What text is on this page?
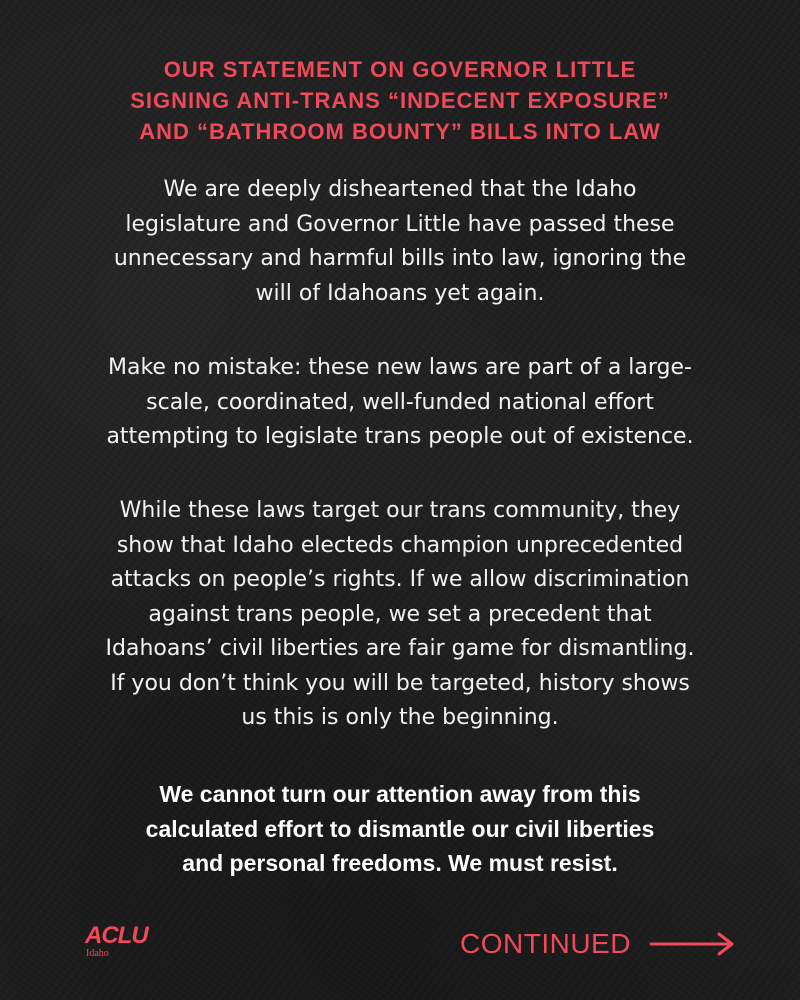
OUR STATEMENT ON GOVERNOR LITTLE
SIGNING ANTI-TRANS “INDECENT EXPOSURE”
AND “BATHROOM BOUNTY” BILLS INTO LAW

We are deeply disheartened that the Idaho
legislature and Governor Little have passed these
unnecessary and harmful bills into law, ignoring the
will of Idahoans yet again.

Make no mistake: these new laws are part of a large-
scale, coordinated, well-funded national effort
attempting to legislate trans people out of existence.

While these laws target our trans community, they
show that Idaho electeds champion unprecedented
attacks on people’s rights. If we allow discrimination
against trans people, we set a precedent that
Idahoans’ civil liberties are fair game for dismantling.
If you don’t think you will be targeted, history shows
us this is only the beginning.

We cannot turn our attention away from this
calculated effort to dismantle our civil liberties
and personal freedoms. We must resist.

ACLU
Idaho	CONTINUED
